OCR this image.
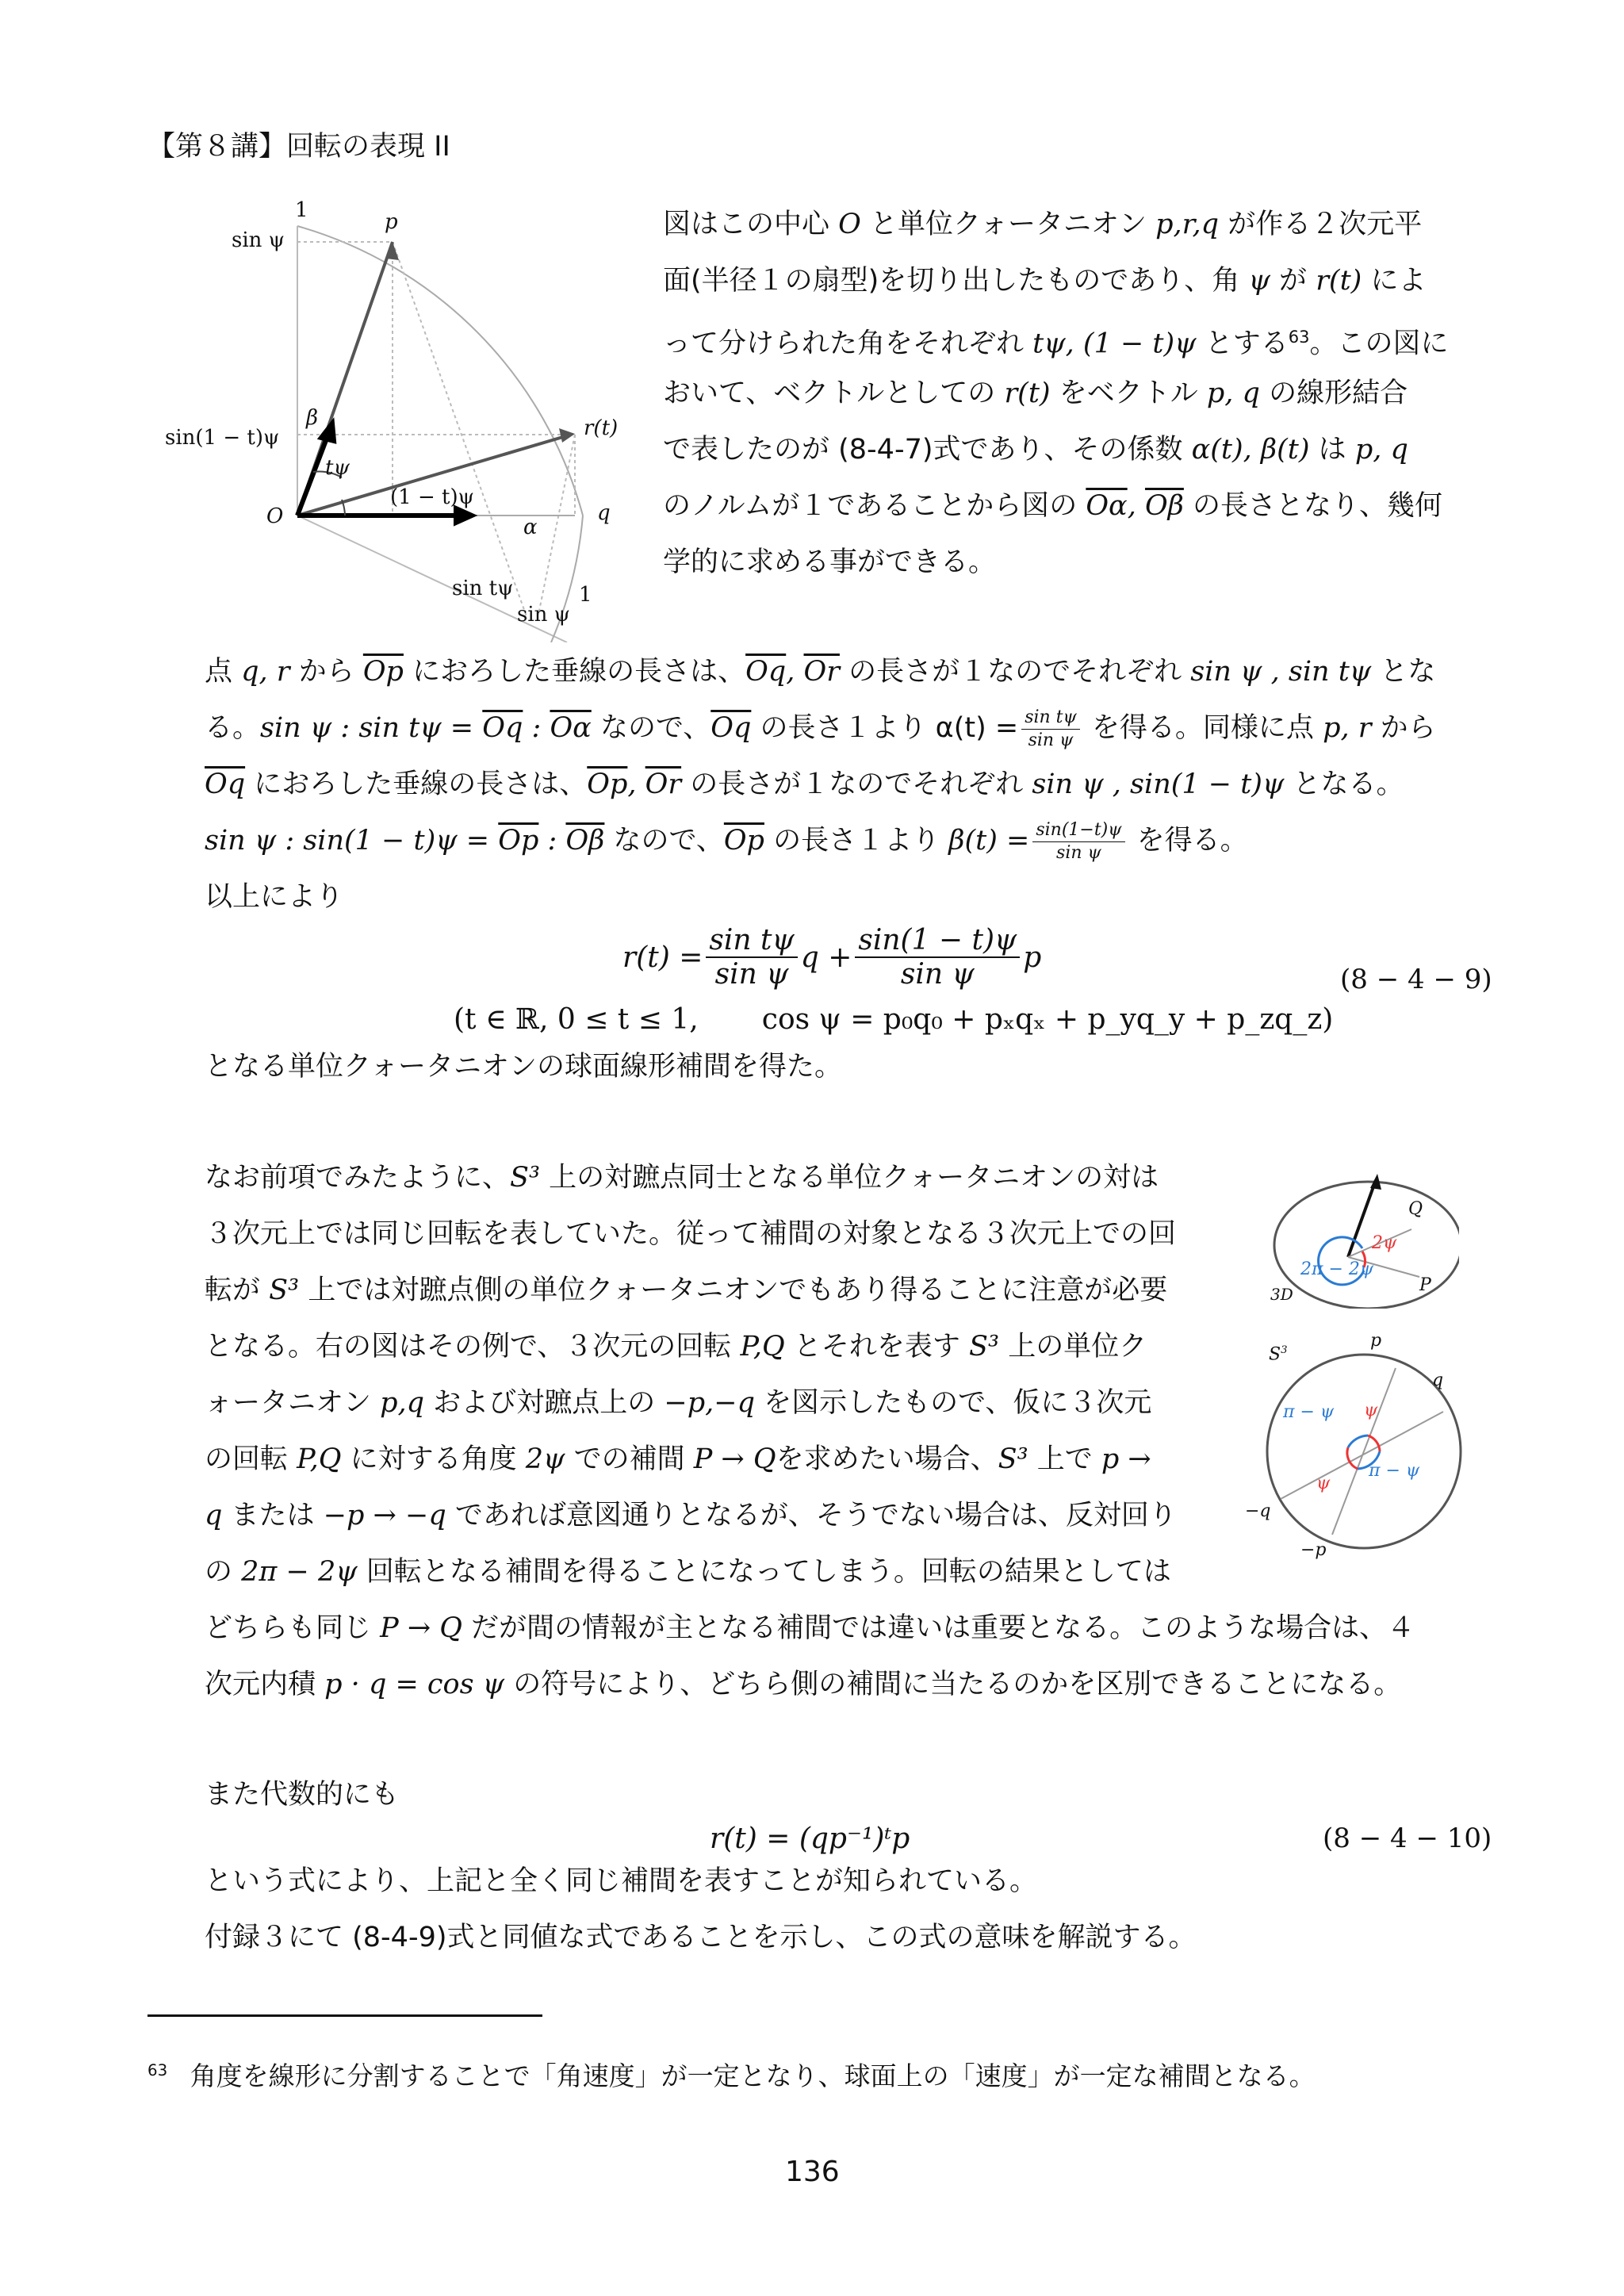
【第８講】回転の表現 II
1	p
sin ψ
β
sin(1 − t)ψ	r(t)
tψ
O
(1 − t)ψ
q
α
sin tψ	1
sin ψ
図はこの中心 O と単位クォータニオン p,r,q が作る２次元平
面(半径１の扇型)を切り出したものであり、角 ψ が r(t) によ
って分けられた角をそれぞれ tψ, (1 − t)ψ とする$^{63}$。この図に
おいて、ベクトルとしての r(t) をベクトル p, q の線形結合
で表したのが (8-4-7)式であり、その係数 α(t), β(t) は p, q
のノルムが１であることから図の $\overline{O\alpha}$, $\overline{O\beta}$ の長さとなり、幾何
学的に求める事ができる。
点 q, r から $\overline{Op}$ におろした垂線の長さは、$\overline{Oq}$, $\overline{Or}$ の長さが１なのでそれぞれ sin ψ , sin tψ とな
る。sin ψ : $\sin t\psi = \overline{Oq}$ : $\overline{O\alpha}$ なので、$\overline{Oq}$ の長さ１より $\alpha(t) = \frac{\text{sin tψ}}{\text{sin ψ}}$ を得る。同様に点 p, r から
$\overline{Oq}$ におろした垂線の長さは、$\overline{Op}$, $\overline{Or}$ の長さが１なのでそれぞれ sin ψ , sin(1 − t)ψ となる。
sin ψ : $\sin(1 - t)\psi = \overline{Op}$ : $\overline{O\beta}$ なので、$\overline{Op}$ の長さ１より $\beta(t) = \frac{\sin(1-t)\psi}{\text{sin ψ}}$ を得る。
以上により
$r(t) = \frac{\text{sin tψ}}{\text{sin ψ}}$ $q + \frac{\sin(1 - t)\psi}{\text{sin ψ}}$ p
(t ∈ ℝ, 0 ≤ t ≤ 1,       cos ψ = p₀q₀ + pₓqₓ + p_yq_y + p_zq_z)
(8 − 4 − 9)
となる単位クォータニオンの球面線形補間を得た。
なお前項でみたように、S³ 上の対蹠点同士となる単位クォータニオンの対は
３次元上では同じ回転を表していた。従って補間の対象となる３次元上での回
転が S³ 上では対蹠点側の単位クォータニオンでもあり得ることに注意が必要
となる。右の図はその例で、３次元の回転 P,Q とそれを表す S³ 上の単位ク
ォータニオン p,q および対蹠点上の −p,−q を図示したもので、仮に３次元
の回転 P,Q に対する角度 2ψ での補間 P → Qを求めたい場合、S³ 上で p →
q または −p → −q であれば意図通りとなるが、そうでない場合は、反対回り
の 2π − 2ψ 回転となる補間を得ることになってしまう。回転の結果としては
どちらも同じ P → Q だが間の情報が主となる補間では違いは重要となる。このような場合は、４
次元内積 p · q = cos ψ の符号により、どちら側の補間に当たるのかを区別できることになる。
Q
2ψ
2π − 2ψ
P
3D
$S^3$	p
q
π − ψ ψ
π − ψ
ψ
−q
−p
また代数的にも
r(t) = (qp⁻¹)ᵗp	(8 − 4 − 10)
という式により、上記と全く同じ補間を表すことが知られている。
付録３にて (8-4-9)式と同値な式であることを示し、この式の意味を解説する。
$^{63}$ 角度を線形に分割することで「角速度」が一定となり、球面上の「速度」が一定な補間となる。
136
